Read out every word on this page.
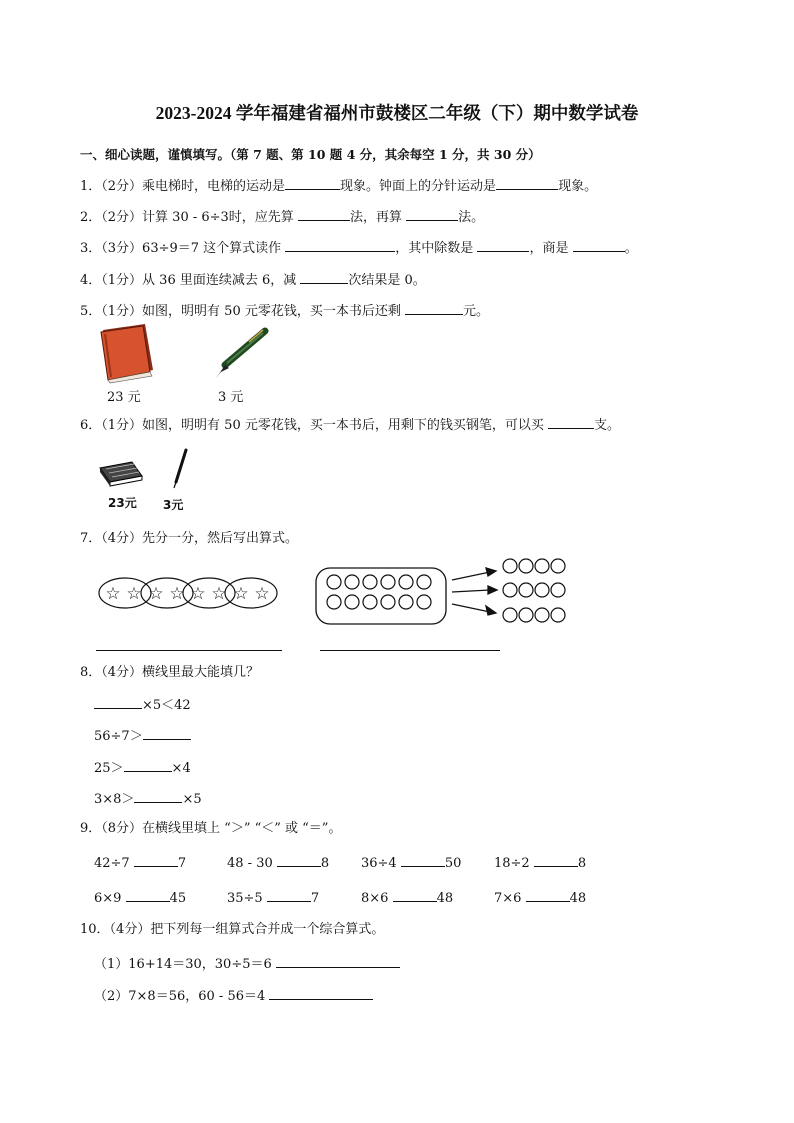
2023-2024 学年福建省福州市鼓楼区二年级（下）期中数学试卷
一、细心读题，谨慎填写。（第 7 题、第 10 题 4 分，其余每空 1 分，共 30 分）
1．（2分）乘电梯时，电梯的运动是	现象。钟面上的分针运动是	现象。
2．（2分）计算 30 - 6÷3时，应先算	法，再算	法。
3．（3分）63÷9＝7 这个算式读作	，其中除数是	，商是	。
4．（1分）从 36 里面连续减去 6，减	次结果是 0。
5．（1分）如图，明明有 50 元零花钱，买一本书后还剩	元。
23 元	3 元
6．（1分）如图，明明有 50 元零花钱，买一本书后，用剩下的钱买钢笔，可以买	支。
23元 3元
7．（4分）先分一分，然后写出算式。
☆ ☆ ☆ ☆ ☆ ☆ ☆ ☆
8．（4分）横线里最大能填几？
×5＜42
56÷7＞
25＞	×4
3×8＞	×5
9．（8分）在横线里填上 “＞” “＜” 或 “＝”。
42÷7	7	48 - 30	8 36÷4	50	18÷2	8
6×9	45	35÷5	7	8×6	48	7×6	48
10．（4分）把下列每一组算式合并成一个综合算式。
（1）16+14＝30，30÷5＝6
（2）7×8＝56，60 - 56＝4
